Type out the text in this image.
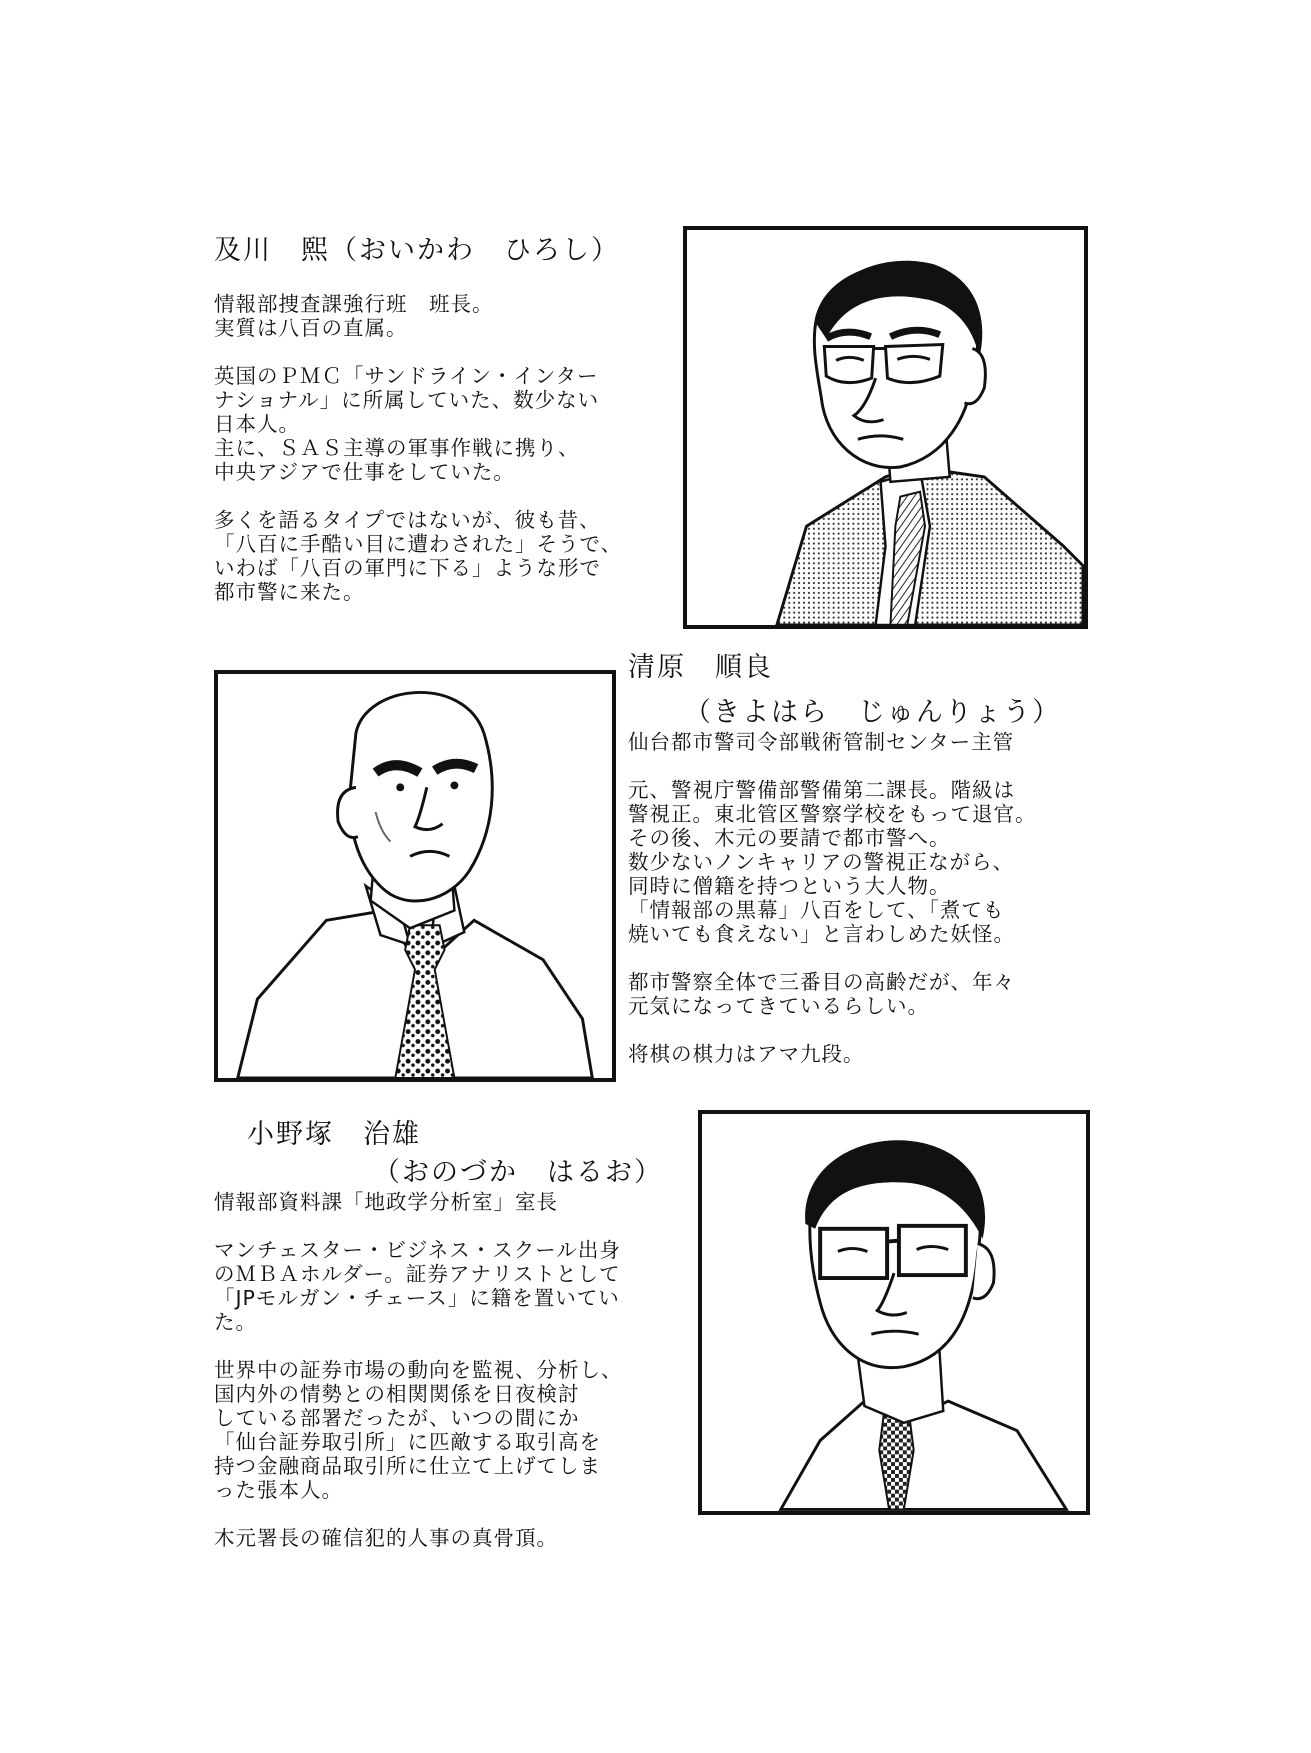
及川　熙（おいかわ　ひろし）
情報部捜査課強行班　班長。
実質は八百の直属。

英国のＰＭＣ「サンドライン・インター
ナショナル」に所属していた、数少ない
日本人。
主に、ＳＡＳ主導の軍事作戦に携り、
中央アジアで仕事をしていた。

多くを語るタイプではないが、彼も昔、
「八百に手酷い目に遭わされた」そうで、
いわば「八百の軍門に下る」ような形で
都市警に来た。
清原　順良
（きよはら　じゅんりょう）
仙台都市警司令部戦術管制センター主管

元、警視庁警備部警備第二課長。階級は
警視正。東北管区警察学校をもって退官。
その後、木元の要請で都市警へ。
数少ないノンキャリアの警視正ながら、
同時に僧籍を持つという大人物。
「情報部の黒幕」八百をして、「煮ても
焼いても食えない」と言わしめた妖怪。

都市警察全体で三番目の高齢だが、年々
元気になってきているらしい。

将棋の棋力はアマ九段。
小野塚　治雄
（おのづか　はるお）
情報部資料課「地政学分析室」室長

マンチェスター・ビジネス・スクール出身
のＭＢＡホルダー。証券アナリストとして
「JPモルガン・チェース」に籍を置いてい
た。

世界中の証券市場の動向を監視、分析し、
国内外の情勢との相関関係を日夜検討
している部署だったが、いつの間にか
「仙台証券取引所」に匹敵する取引高を
持つ金融商品取引所に仕立て上げてしま
った張本人。

木元署長の確信犯的人事の真骨頂。
